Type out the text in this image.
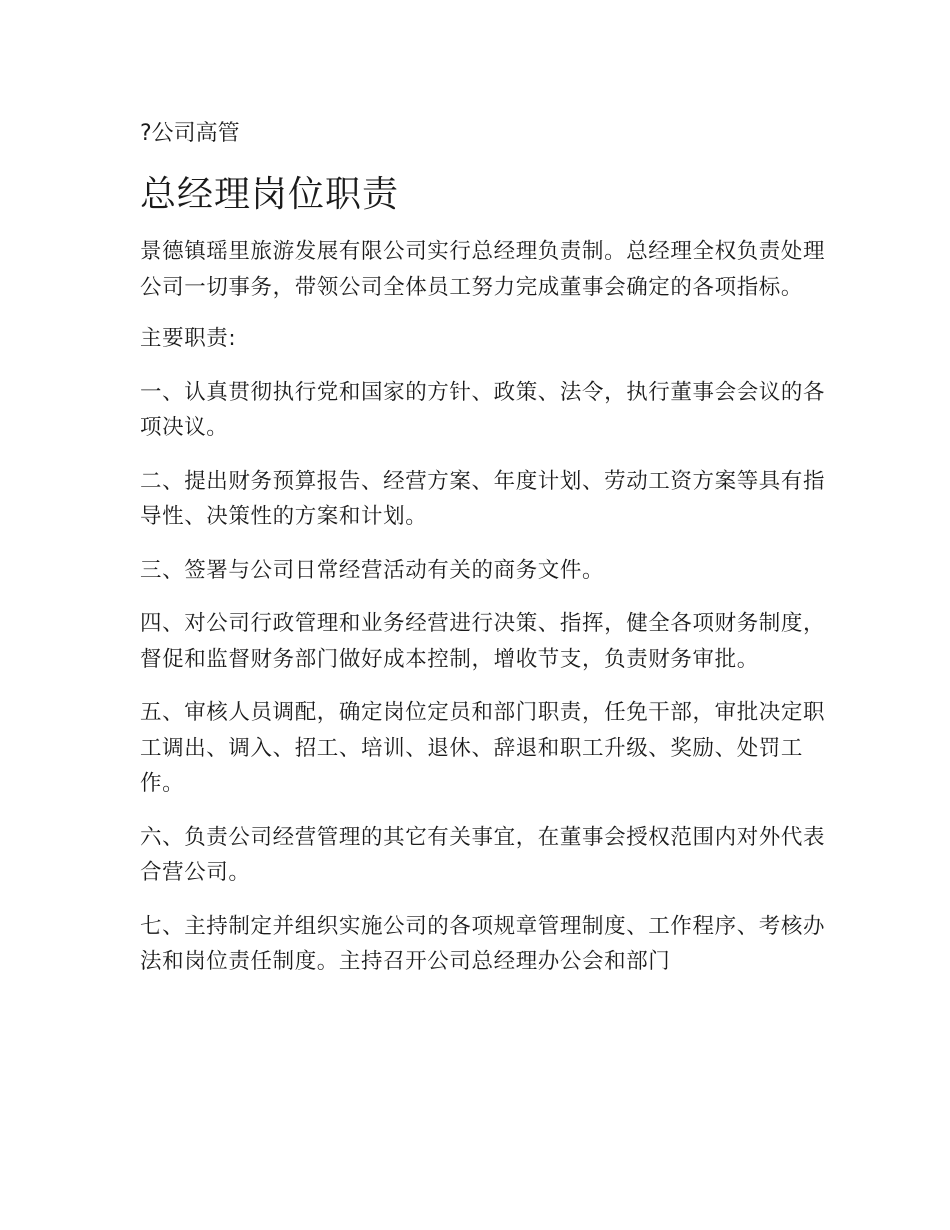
?公司高管
总经理岗位职责

景德镇瑶里旅游发展有限公司实行总经理负责制。总经理全权负责处理公司一切事务，带领公司全体员工努力完成董事会确定的各项指标。

主要职责:

一、认真贯彻执行党和国家的方针、政策、法令，执行董事会会议的各项决议。

二、提出财务预算报告、经营方案、年度计划、劳动工资方案等具有指导性、决策性的方案和计划。

三、签署与公司日常经营活动有关的商务文件。

四、对公司行政管理和业务经营进行决策、指挥，健全各项财务制度，督促和监督财务部门做好成本控制，增收节支，负责财务审批。

五、审核人员调配，确定岗位定员和部门职责，任免干部，审批决定职工调出、调入、招工、培训、退休、辞退和职工升级、奖励、处罚工作。

六、负责公司经营管理的其它有关事宜，在董事会授权范围内对外代表合营公司。

七、主持制定并组织实施公司的各项规章管理制度、工作程序、考核办法和岗位责任制度。主持召开公司总经理办公会和部门
